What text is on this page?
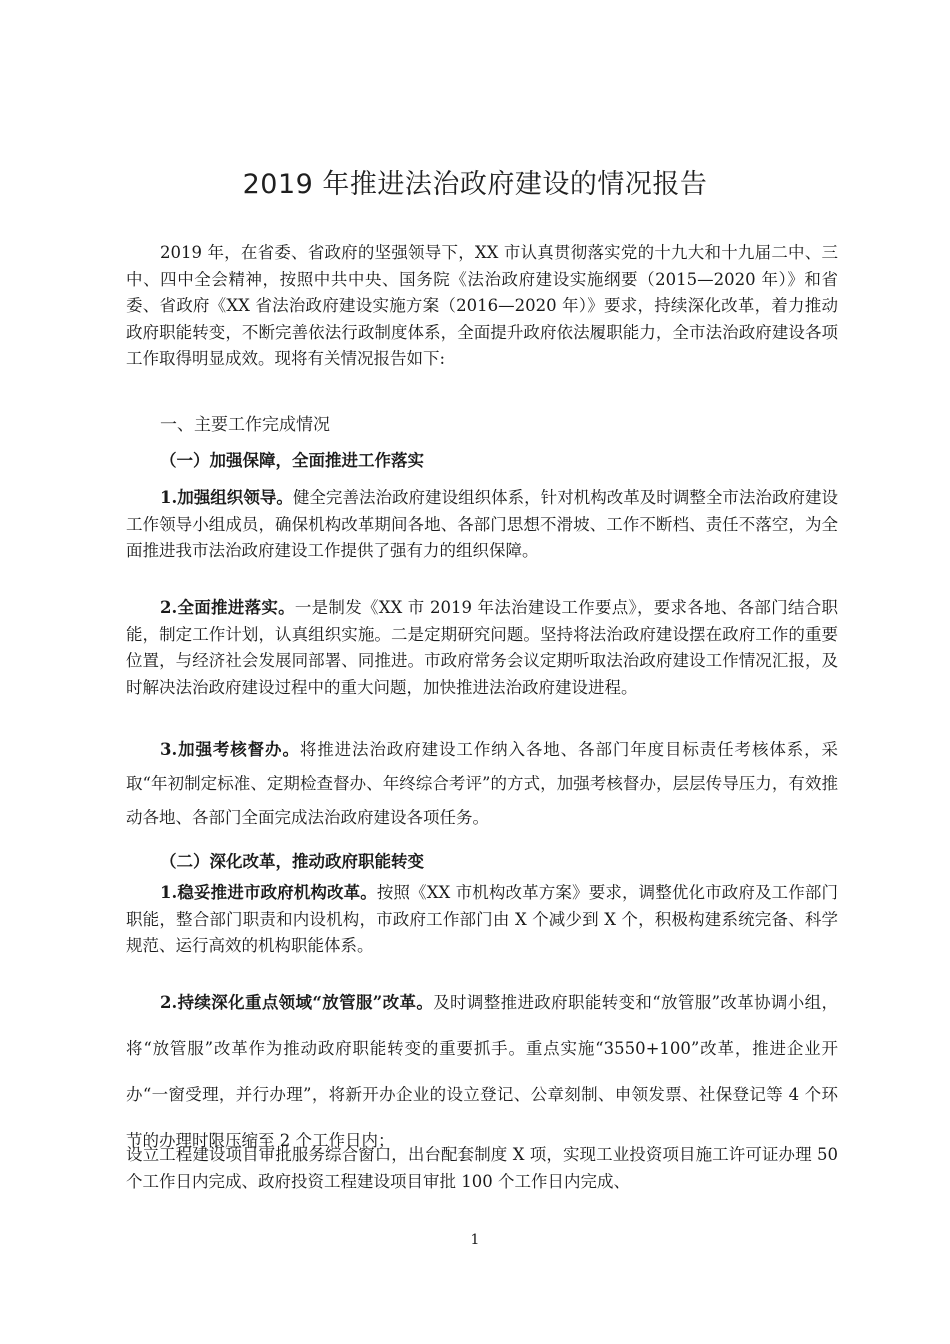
2019 年推进法治政府建设的情况报告

2019 年，在省委、省政府的坚强领导下，XX 市认真贯彻落实党的十九大和十九届二中、三中、四中全会精神，按照中共中央、国务院《法治政府建设实施纲要（2015—2020 年）》和省委、省政府《XX 省法治政府建设实施方案（2016—2020 年）》要求，持续深化改革，着力推动政府职能转变，不断完善依法行政制度体系，全面提升政府依法履职能力，全市法治政府建设各项工作取得明显成效。现将有关情况报告如下:

一、主要工作完成情况
（一）加强保障，全面推进工作落实

1.加强组织领导。健全完善法治政府建设组织体系，针对机构改革及时调整全市法治政府建设工作领导小组成员，确保机构改革期间各地、各部门思想不滑坡、工作不断档、责任不落空，为全面推进我市法治政府建设工作提供了强有力的组织保障。

2.全面推进落实。一是制发《XX 市 2019 年法治建设工作要点》，要求各地、各部门结合职能，制定工作计划，认真组织实施。二是定期研究问题。坚持将法治政府建设摆在政府工作的重要位置，与经济社会发展同部署、同推进。市政府常务会议定期听取法治政府建设工作情况汇报，及时解决法治政府建设过程中的重大问题，加快推进法治政府建设进程。

3.加强考核督办。将推进法治政府建设工作纳入各地、各部门年度目标责任考核体系，采取“年初制定标准、定期检查督办、年终综合考评”的方式，加强考核督办，层层传导压力，有效推动各地、各部门全面完成法治政府建设各项任务。

（二）深化改革，推动政府职能转变

1.稳妥推进市政府机构改革。按照《XX 市机构改革方案》要求，调整优化市政府及工作部门职能，整合部门职责和内设机构，市政府工作部门由 X 个减少到 X 个，积极构建系统完备、科学规范、运行高效的机构职能体系。

2.持续深化重点领域“放管服”改革。及时调整推进政府职能转变和“放管服”改革协调小组，将“放管服”改革作为推动政府职能转变的重要抓手。重点实施“3550+100”改革，推进企业开办“一窗受理，并行办理”，将新开办企业的设立登记、公章刻制、申领发票、社保登记等 4 个环节的办理时限压缩至 2 个工作日内；

设立工程建设项目审批服务综合窗口，出台配套制度 X 项，实现工业投资项目施工许可证办理 50 个工作日内完成、政府投资工程建设项目审批 100 个工作日内完成、

1
